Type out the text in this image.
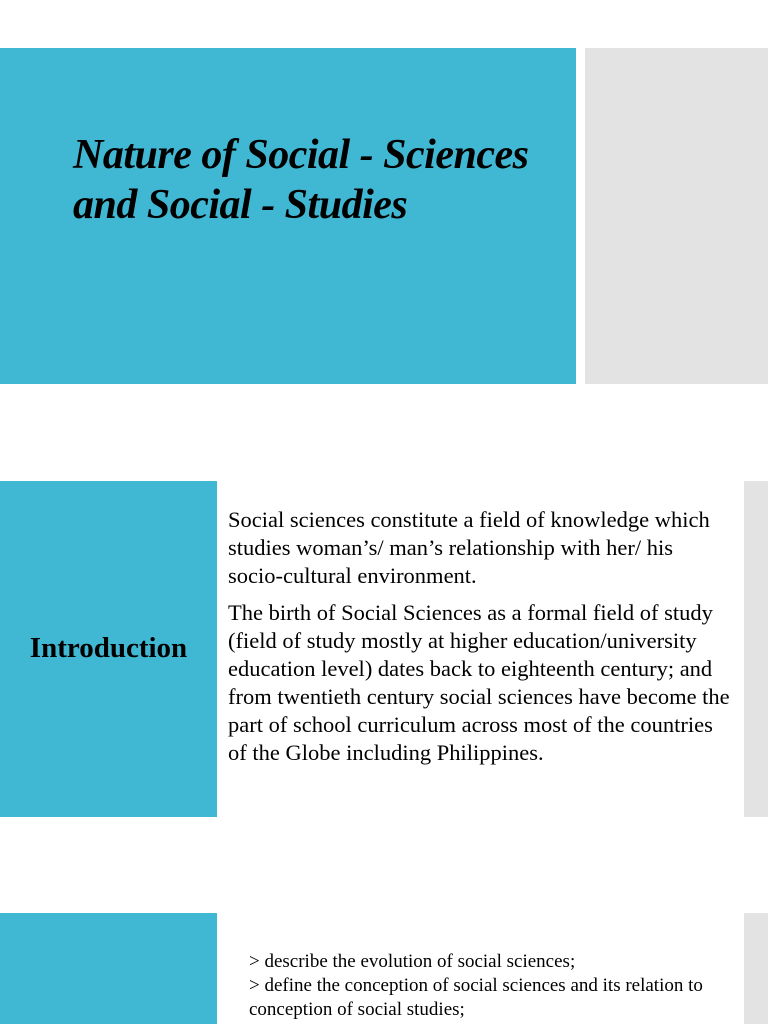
Nature of Social - Sciences and Social - Studies
Introduction

Social sciences constitute a field of knowledge which studies woman’s/ man’s relationship with her/ his socio-cultural environment.

The birth of Social Sciences as a formal field of study (field of study mostly at higher education/university education level) dates back to eighteenth century; and from twentieth century social sciences have become the part of school curriculum across most of the countries of the Globe including Philippines.

> describe the evolution of social sciences;
> define the conception of social sciences and its relation to conception of social studies;
